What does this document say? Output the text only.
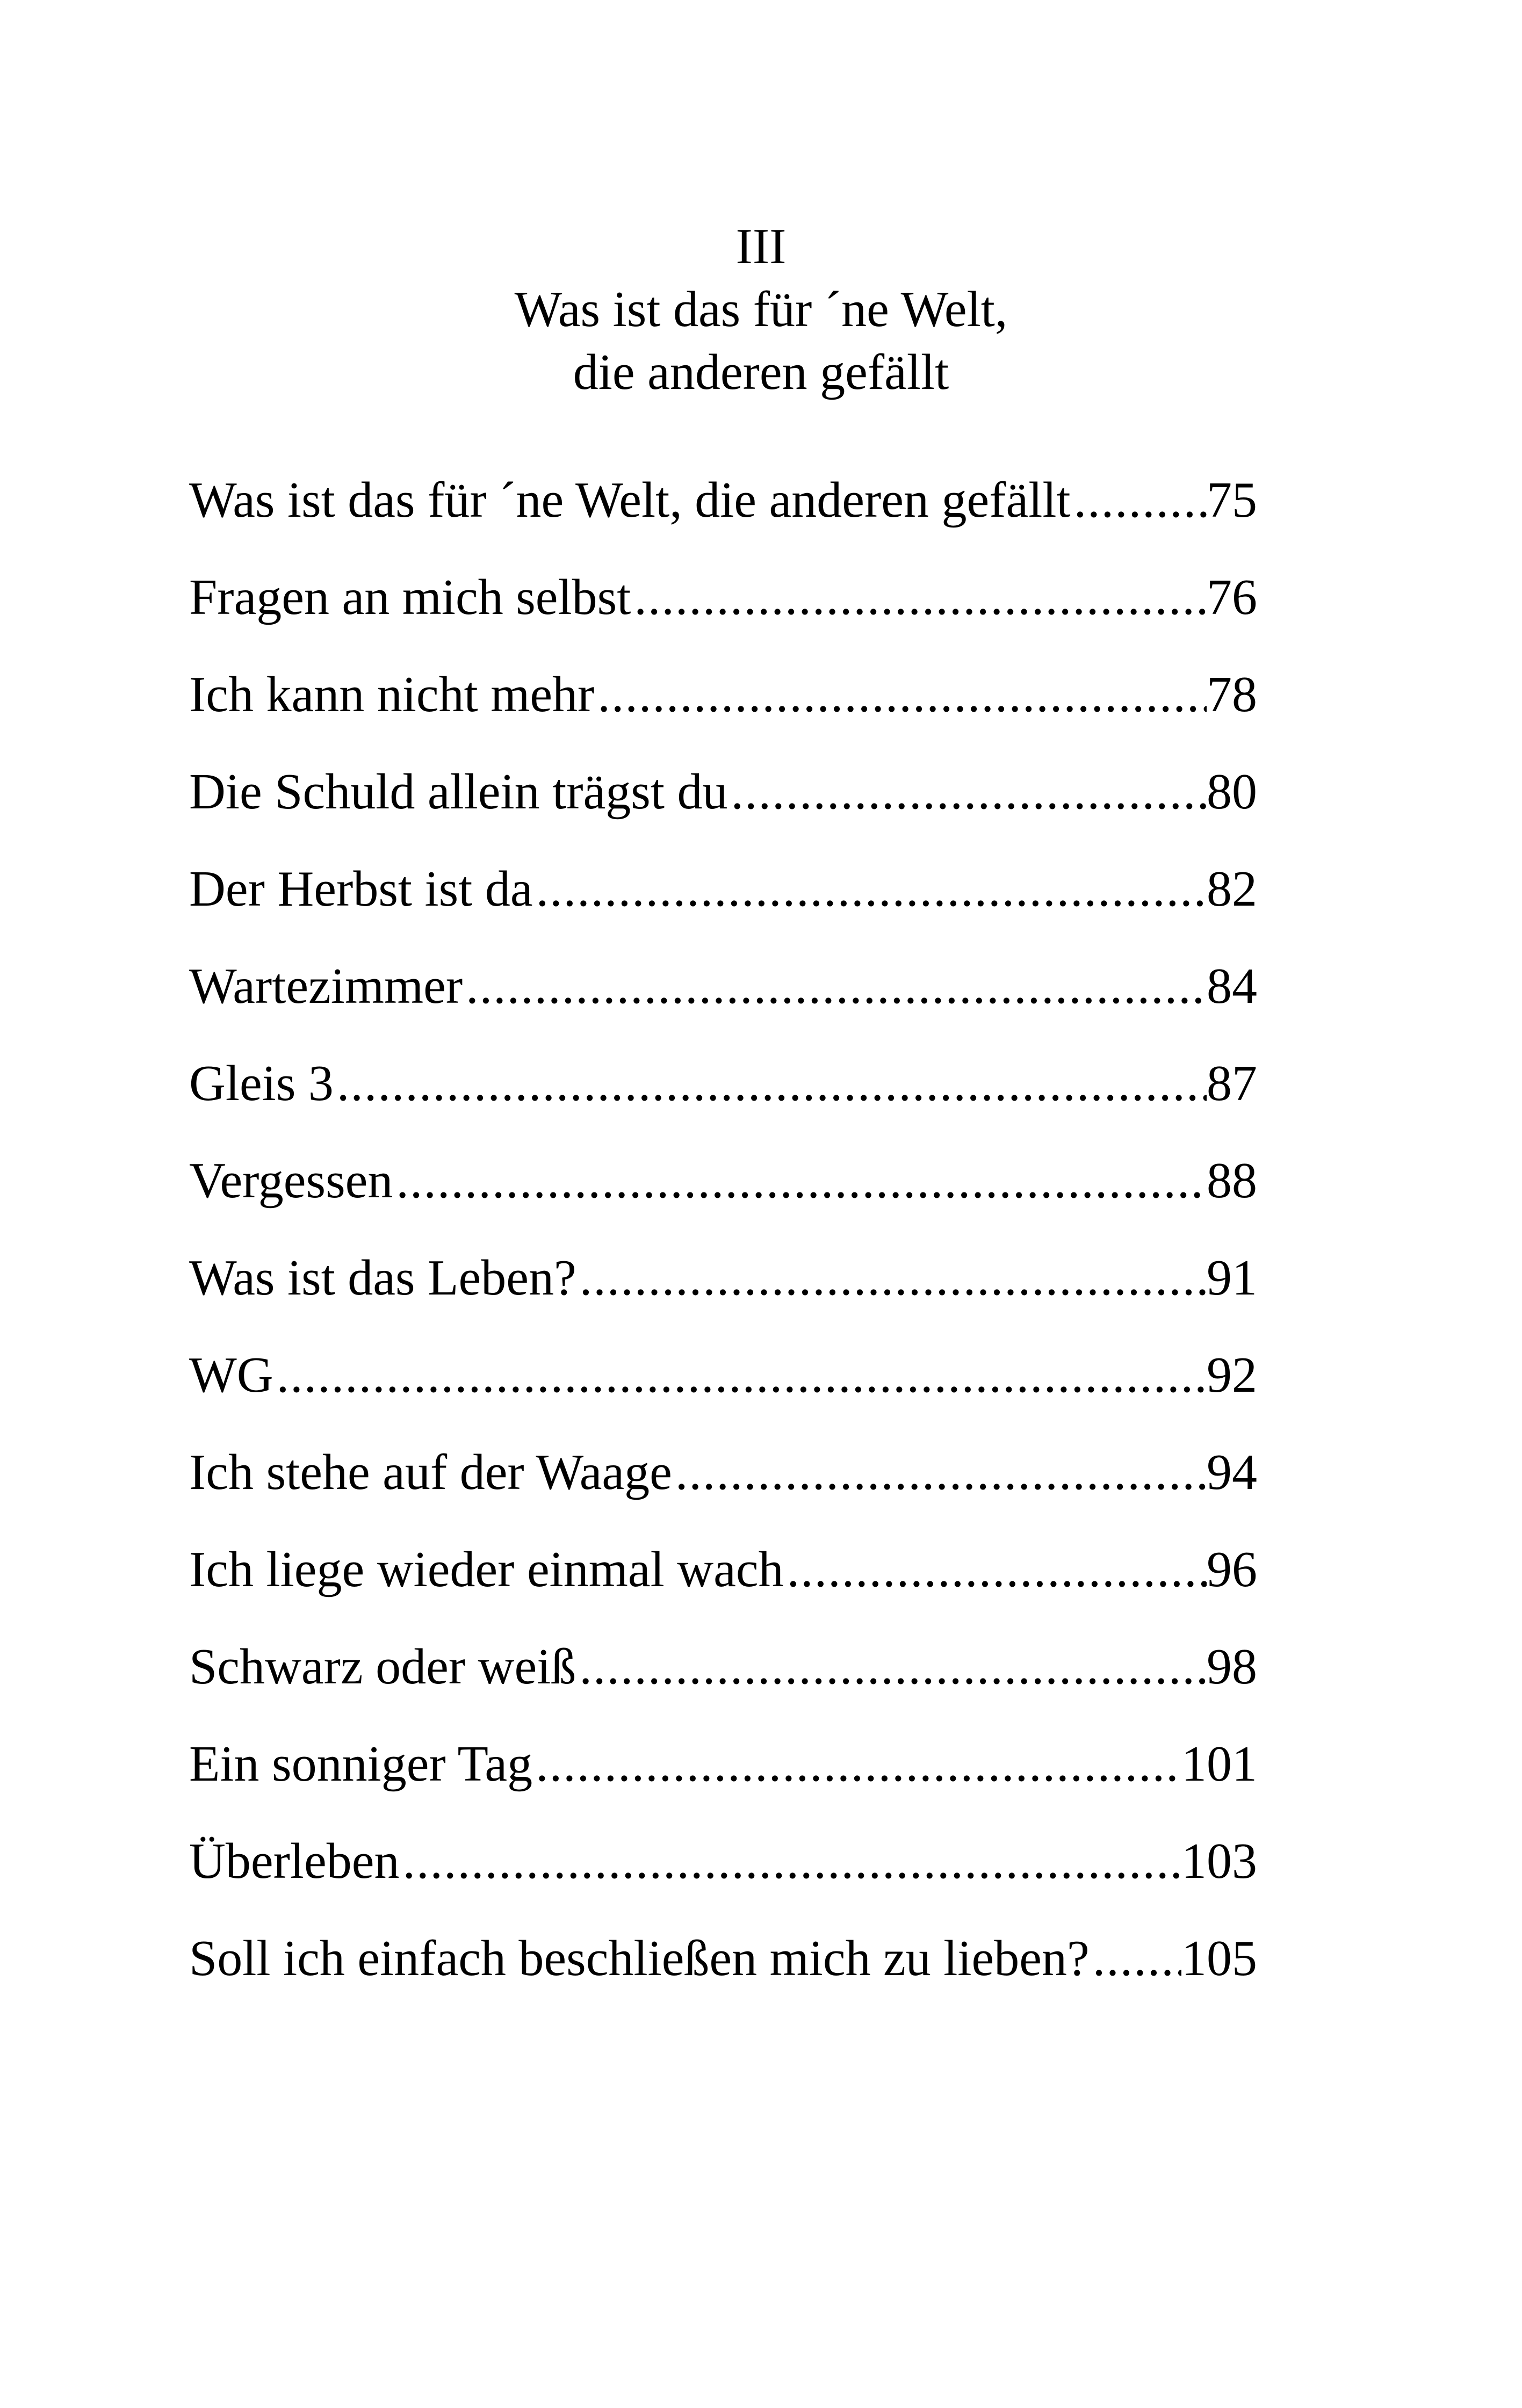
III
Was ist das für ´ne Welt,
die anderen gefällt
Was ist das für ´ne Welt, die anderen gefällt .....	75
Fragen an mich selbst .....	76
Ich kann nicht mehr .....	78
Die Schuld allein trägst du .....	80
Der Herbst ist da .....	82
Wartezimmer .....	84
Gleis 3 .....	87
Vergessen .....	88
Was ist das Leben? .....	91
WG .....	92
Ich stehe auf der Waage .....	94
Ich liege wieder einmal wach .....	96
Schwarz oder weiß .....	98
Ein sonniger Tag .....	101
Überleben .....	103
Soll ich einfach beschließen mich zu lieben? ..... 105
